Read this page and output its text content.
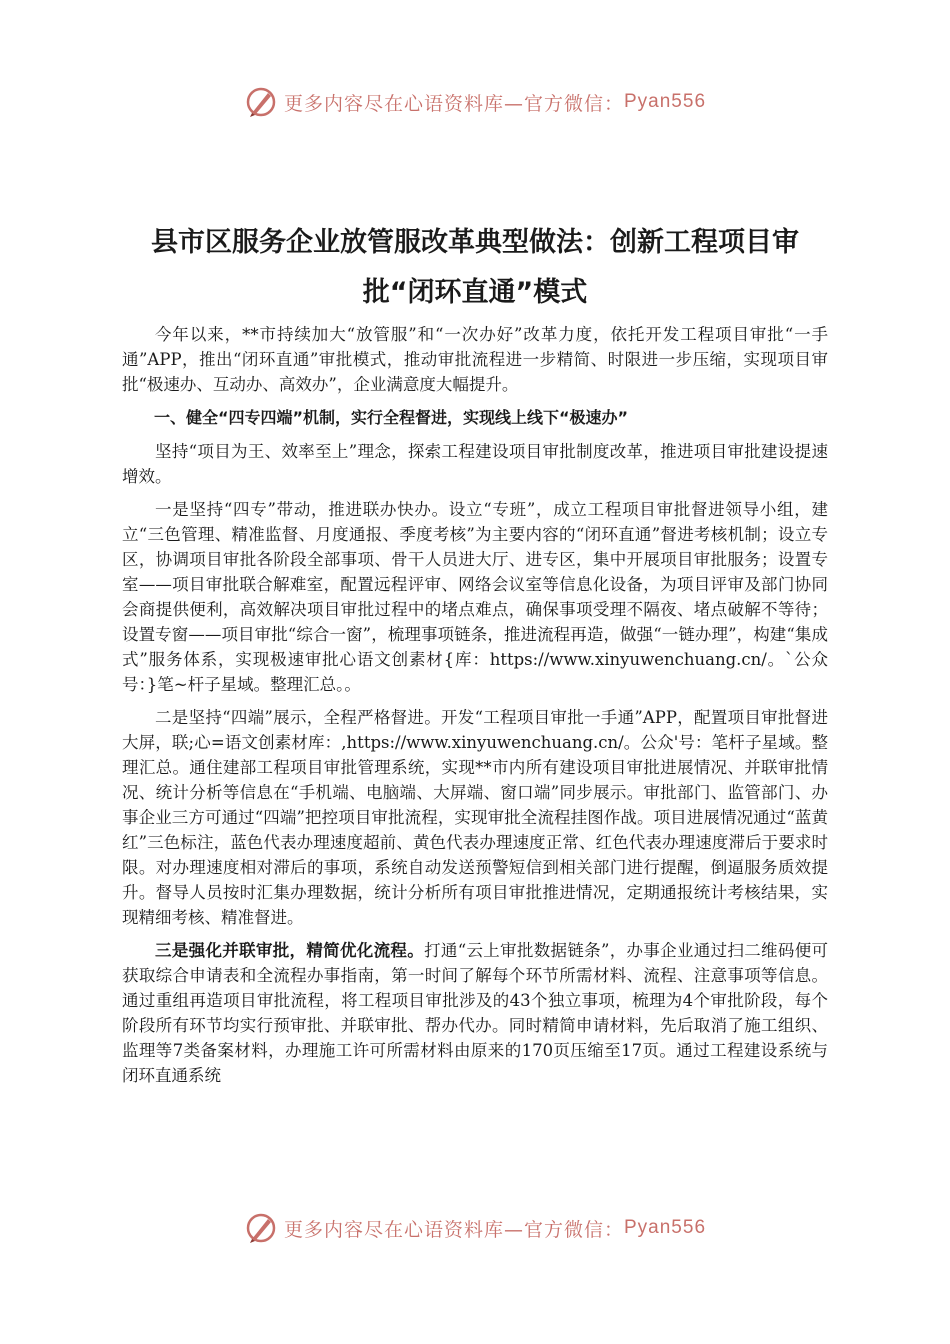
更多内容尽在心语资料库—官方微信： Pyan556
县市区服务企业放管服改革典型做法：创新工程项目审
批“闭环直通”模式

今年以来，**市持续加大“放管服”和“一次办好”改革力度，依托开发工程项目审批“一手通”APP，推出“闭环直通”审批模式，推动审批流程进一步精简、时限进一步压缩，实现项目审批“极速办、互动办、高效办”，企业满意度大幅提升。

一、健全“四专四端”机制，实行全程督进，实现线上线下“极速办”

坚持“项目为王、效率至上”理念，探索工程建设项目审批制度改革，推进项目审批建设提速增效。

一是坚持“四专”带动，推进联办快办。设立“专班”，成立工程项目审批督进领导小组，建立“三色管理、精准监督、月度通报、季度考核”为主要内容的“闭环直通”督进考核机制；设立专区，协调项目审批各阶段全部事项、骨干人员进大厅、进专区，集中开展项目审批服务；设置专室——项目审批联合解难室，配置远程评审、网络会议室等信息化设备，为项目评审及部门协同会商提供便利，高效解决项目审批过程中的堵点难点，确保事项受理不隔夜、堵点破解不等待；设置专窗——项目审批“综合一窗”，梳理事项链条，推进流程再造，做强“一链办理”，构建“集成式”服务体系，实现极速审批心语文创素材{库：https://www.xinyuwenchuang.cn/。`公众号：}笔~杆子星域。整理汇总。。

二是坚持“四端”展示，全程严格督进。开发“工程项目审批一手通”APP，配置项目审批督进大屏，联;心=语文创素材库：,https://www.xinyuwenchuang.cn/。公众'号：笔杆子星域。整理汇总。通住建部工程项目审批管理系统，实现**市内所有建设项目审批进展情况、并联审批情况、统计分析等信息在“手机端、电脑端、大屏端、窗口端”同步展示。审批部门、监管部门、办事企业三方可通过“四端”把控项目审批流程，实现审批全流程挂图作战。项目进展情况通过“蓝黄红”三色标注，蓝色代表办理速度超前、黄色代表办理速度正常、红色代表办理速度滞后于要求时限。对办理速度相对滞后的事项，系统自动发送预警短信到相关部门进行提醒，倒逼服务质效提升。督导人员按时汇集办理数据，统计分析所有项目审批推进情况，定期通报统计考核结果，实现精细考核、精准督进。

三是强化并联审批，精简优化流程。打通“云上审批数据链条”，办事企业通过扫二维码便可获取综合申请表和全流程办事指南，第一时间了解每个环节所需材料、流程、注意事项等信息。通过重组再造项目审批流程，将工程项目审批涉及的43个独立事项，梳理为4个审批阶段，每个阶段所有环节均实行预审批、并联审批、帮办代办。同时精简申请材料，先后取消了施工组织、监理等7类备案材料，办理施工许可所需材料由原来的170页压缩至17页。通过工程建设系统与闭环直通系统

更多内容尽在心语资料库—官方微信： Pyan556
